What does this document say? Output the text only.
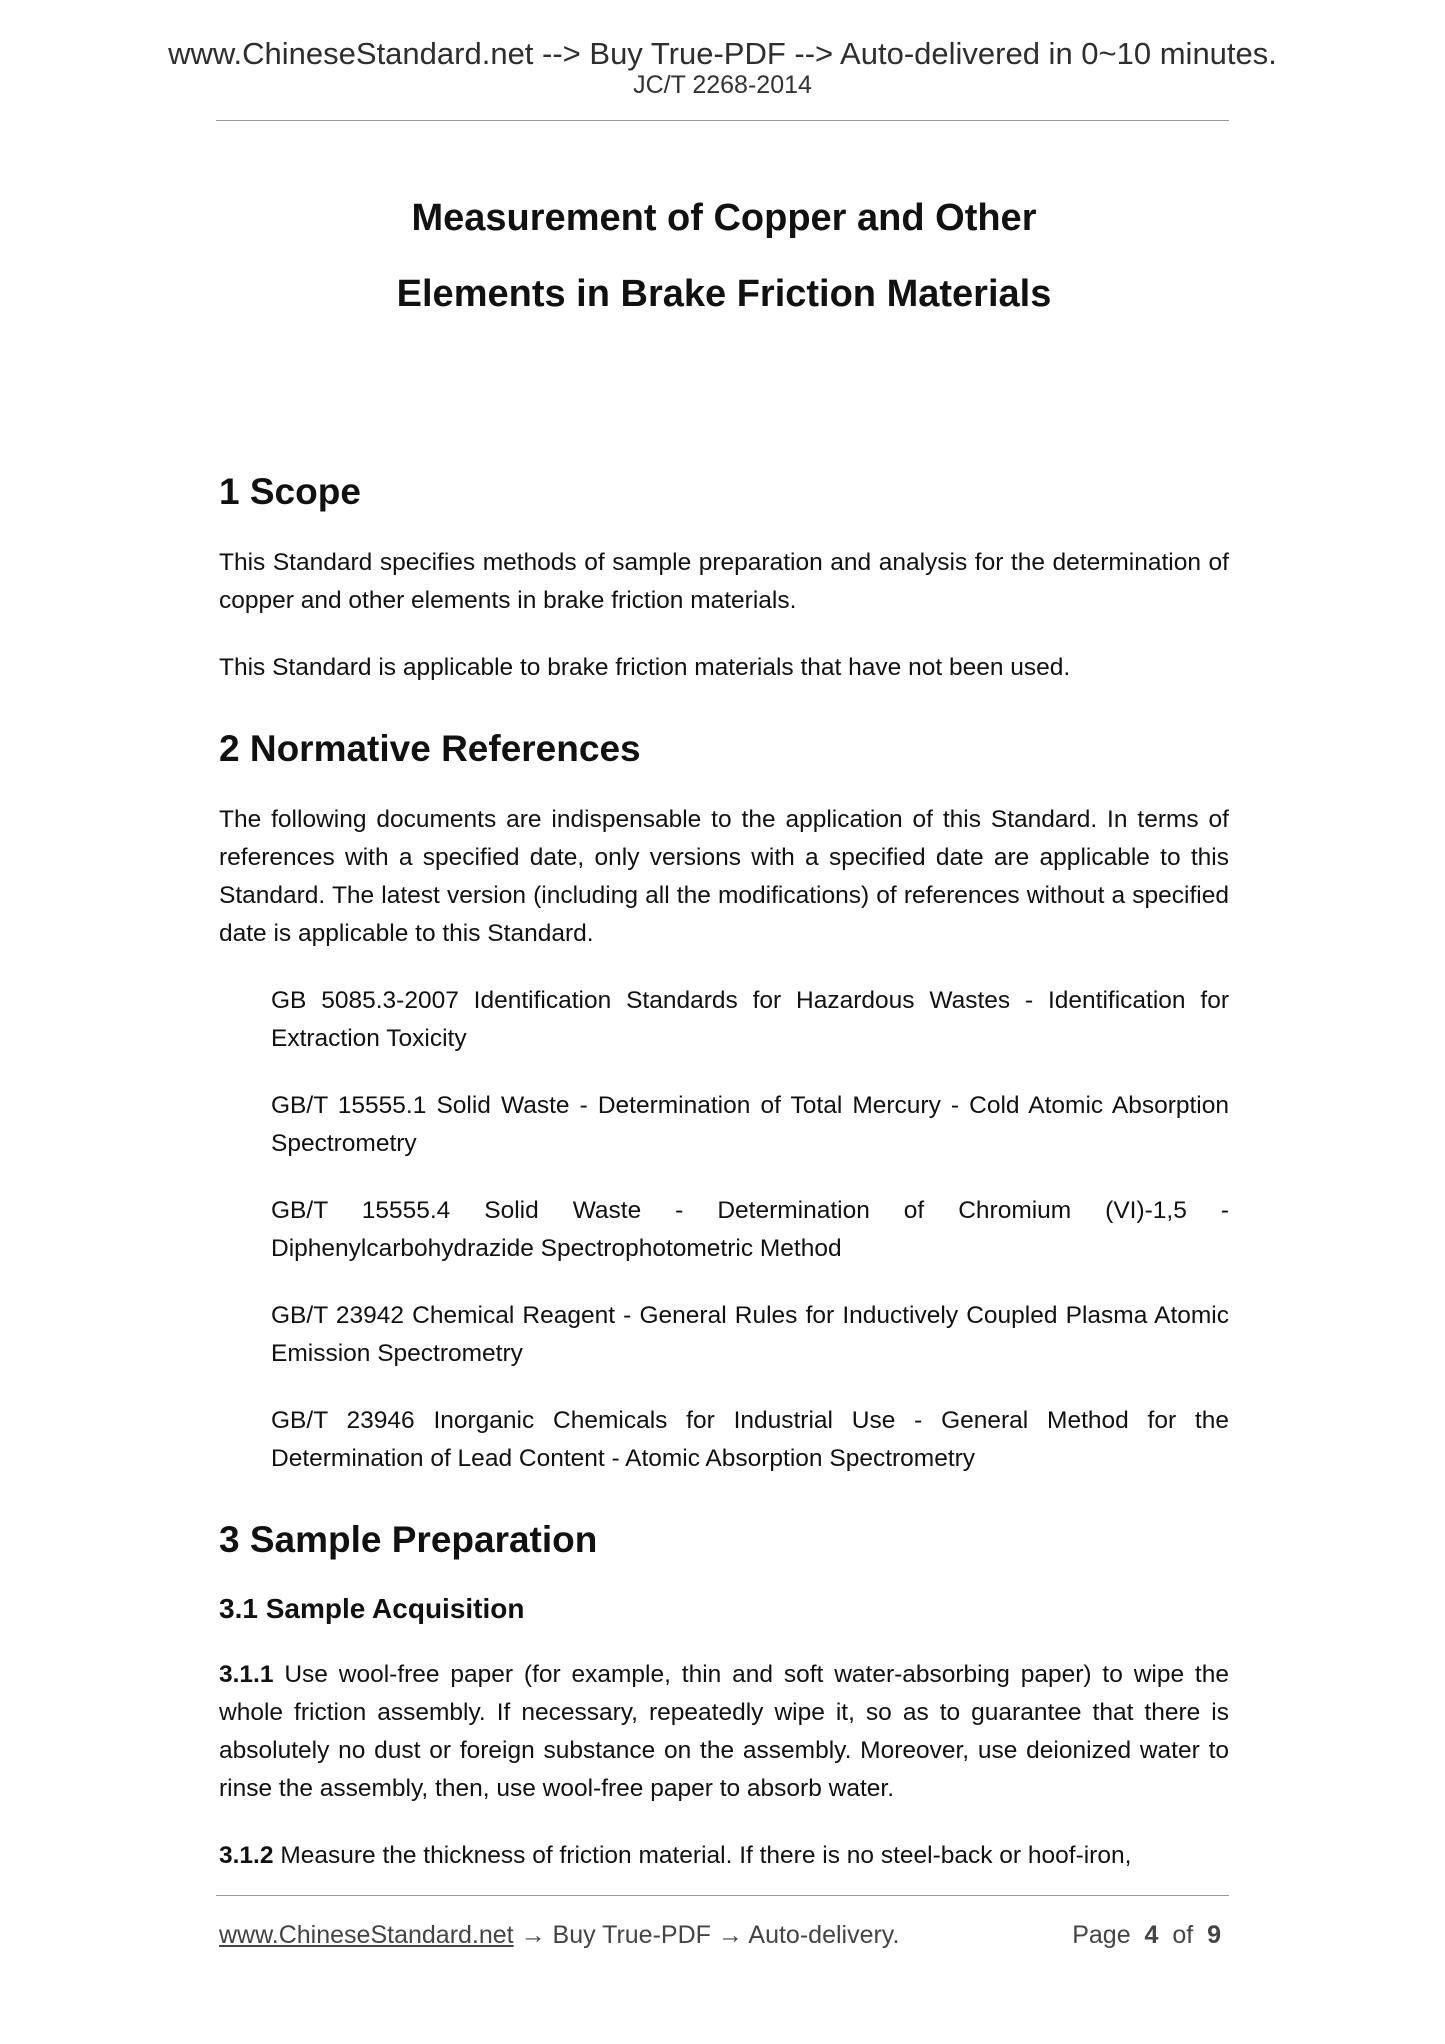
www.ChineseStandard.net --> Buy True-PDF --> Auto-delivered in 0~10 minutes.
JC/T 2268-2014
Measurement of Copper and Other
Elements in Brake Friction Materials
1 Scope

This Standard specifies methods of sample preparation and analysis for the determination of copper and other elements in brake friction materials.

This Standard is applicable to brake friction materials that have not been used.

2 Normative References

The following documents are indispensable to the application of this Standard. In terms of references with a specified date, only versions with a specified date are applicable to this Standard. The latest version (including all the modifications) of references without a specified date is applicable to this Standard.

GB 5085.3-2007 Identification Standards for Hazardous Wastes - Identification for Extraction Toxicity

GB/T 15555.1 Solid Waste - Determination of Total Mercury - Cold Atomic Absorption Spectrometry

GB/T 15555.4 Solid Waste - Determination of Chromium (VI)-1,5 - Diphenylcarbohydrazide Spectrophotometric Method

GB/T 23942 Chemical Reagent - General Rules for Inductively Coupled Plasma Atomic Emission Spectrometry

GB/T 23946 Inorganic Chemicals for Industrial Use - General Method for the Determination of Lead Content - Atomic Absorption Spectrometry

3 Sample Preparation
3.1 Sample Acquisition

3.1.1 Use wool-free paper (for example, thin and soft water-absorbing paper) to wipe the whole friction assembly. If necessary, repeatedly wipe it, so as to guarantee that there is absolutely no dust or foreign substance on the assembly. Moreover, use deionized water to rinse the assembly, then, use wool-free paper to absorb water.

3.1.2 Measure the thickness of friction material. If there is no steel-back or hoof-iron,

www.ChineseStandard.net → Buy True-PDF → Auto-delivery.	Page 4 of 9
